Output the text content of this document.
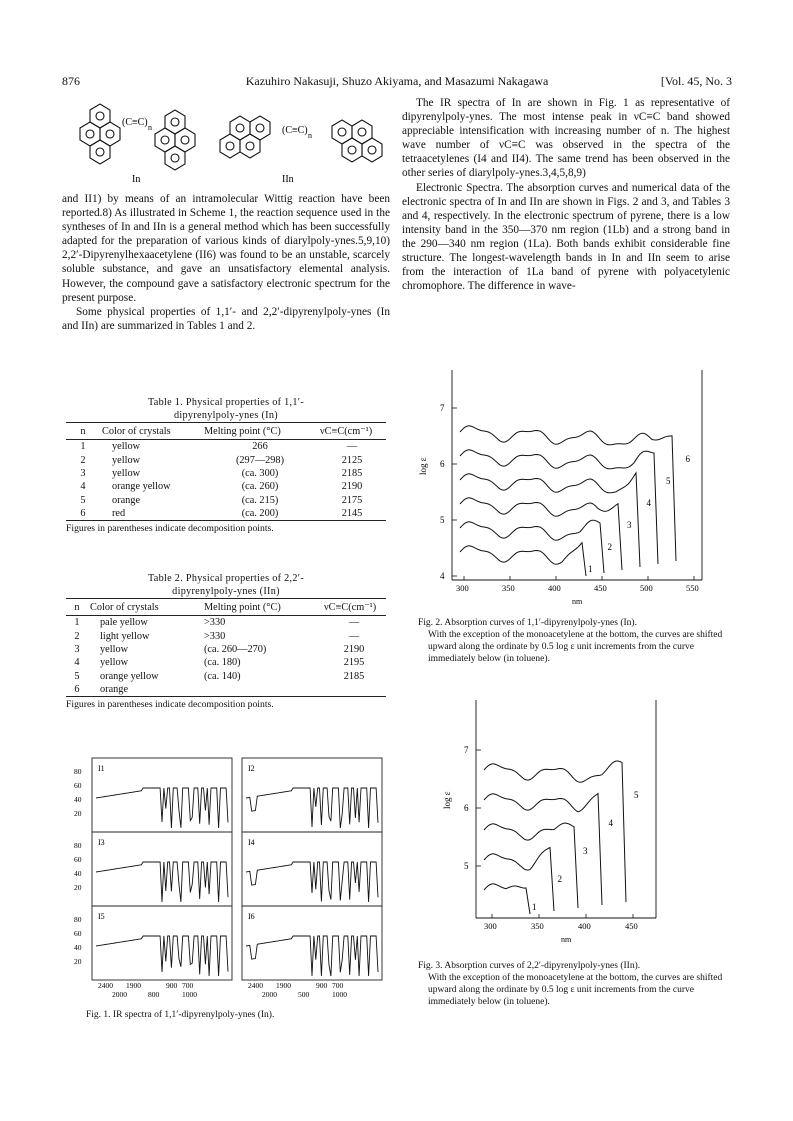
876	Kazuhiro Nakasuji, Shuzo Akiyama, and Masazumi Nakagawa	[Vol. 45, No. 3
(C≡C) n
In
(C≡C) n
IIn

and II1) by means of an intramolecular Wittig reaction have been reported.8) As illustrated in Scheme 1, the reaction sequence used in the syntheses of In and IIn is a general method which has been successfully adapted for the preparation of various kinds of diarylpoly-ynes.5,9,10) 2,2′-Dipyrenylhexaacetylene (II6) was found to be an unstable, scarcely soluble substance, and gave an unsatisfactory elemental analysis. However, the compound gave a satisfactory electronic spectrum for the present purpose.

Some physical properties of 1,1′- and 2,2′-dipyrenylpoly-ynes (In and IIn) are summarized in Tables 1 and 2.

Table 1. Physical properties of 1,1′-
dipyrenylpoly-ynes (In)
n	Color of crystals	Melting point (°C)	νC≡C(cm⁻¹)
1	yellow	266	—
2	yellow	(297—298)	2125
3	yellow	(ca. 300)	2185
4	orange yellow	(ca. 260)	2190
5	orange	(ca. 215)	2175
6	red	(ca. 200)	2145
Figures in parentheses indicate decomposition points.
Table 2. Physical properties of 2,2′-
dipyrenylpoly-ynes (IIn)
n	Color of crystals	Melting point (°C)	νC≡C(cm⁻¹)
1	pale yellow	>330	—
2	light yellow	>330	—
3	yellow	(ca. 260—270)	2190
4	yellow	(ca. 180)	2195
5	orange yellow	(ca. 140)	2185
6	orange		
Figures in parentheses indicate decomposition points.
I1
80
60
40
20
I2
I3
80
60
40
20
I4
I5
80
60
40
20
I6
2400 1900	900 700
2000	1000
800
2400 1900	900 700
2000	1000
500
Fig. 1. IR spectra of 1,1′-dipyrenylpoly-ynes (In).

The IR spectra of In are shown in Fig. 1 as representative of dipyrenylpoly-ynes. The most intense peak in νC≡C band showed appreciable intensification with increasing number of n. The highest wave number of νC≡C was observed in the spectra of the tetraacetylenes (I4 and II4). The same trend has been observed in the other series of diarylpoly-ynes.3,4,5,8,9)

Electronic Spectra. The absorption curves and numerical data of the electronic spectra of In and IIn are shown in Figs. 2 and 3, and Tables 3 and 4, respectively. In the electronic spectrum of pyrene, there is a low intensity band in the 350—370 nm region (1Lb) and a strong band in the 290—340 nm region (1La). Both bands exhibit considerable fine structure. The longest-wavelength bands in In and IIn seem to arise from the interaction of 1La band of pyrene with polyacetylenic chromophore. The difference in wave-

7
6
5
4
300	350	400	450	500	550
nm
log ε
1
2
3
4
5
6
Fig. 2. Absorption curves of 1,1′-dipyrenylpoly-ynes (In).
With the exception of the monoacetylene at the bottom, the curves are shifted upward along the ordinate by 0.5 log ε unit increments from the curve immediately below (in toluene).
7
6
5
300	350	400	450
nm
log ε
1
2
3
4
5
Fig. 3. Absorption curves of 2,2′-dipyrenylpoly-ynes (IIn).
With the exception of the monoacetylene at the bottom, the curves are shifted upward along the ordinate by 0.5 log ε unit increments from the curve immediately below (in toluene).
